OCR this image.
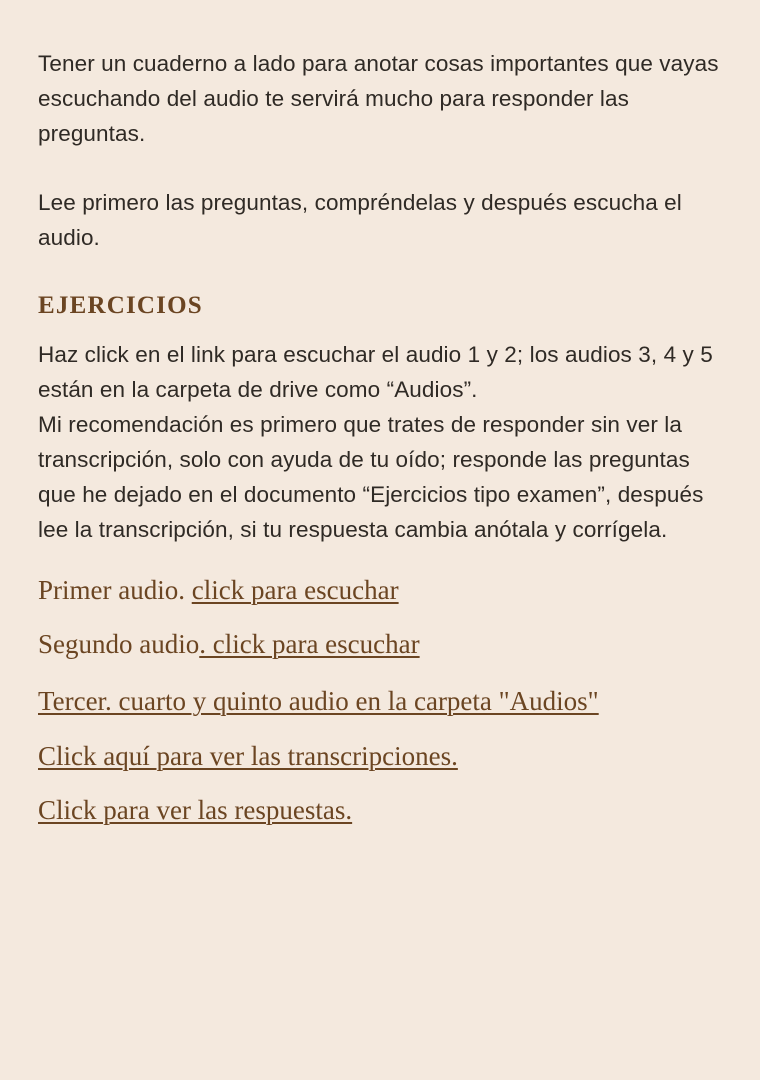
Tener un cuaderno a lado para anotar cosas importantes que vayas escuchando del audio te servirá mucho para responder las preguntas.

Lee primero las preguntas, compréndelas y después escucha el audio.

EJERCICIOS

Haz click en el link para escuchar el audio 1 y 2; los audios 3, 4 y 5 están en la carpeta de drive como “Audios”.

Mi recomendación es primero que trates de responder sin ver la transcripción, solo con ayuda de tu oído; responde las preguntas que he dejado en el documento “Ejercicios tipo examen”, después lee la transcripción, si tu respuesta cambia anótala y corrígela.

Primer audio. click para escuchar
Segundo audio. click para escuchar
Tercer. cuarto y quinto audio en la carpeta "Audios"
Click aquí para ver las transcripciones.
Click para ver las respuestas.
